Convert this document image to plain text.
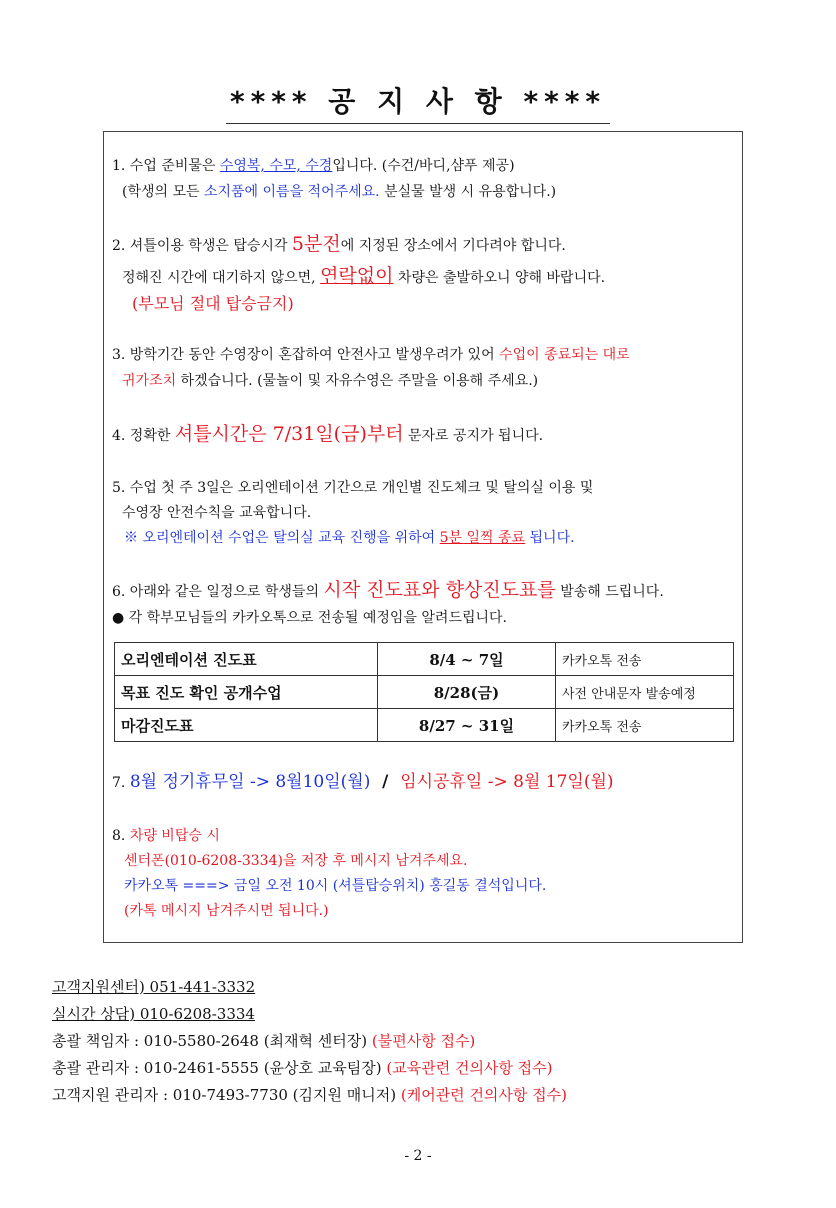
**** 공 지 사 항 ****
1. 수업 준비물은 수영복, 수모, 수경입니다. (수건/바디,샴푸 제공)
(학생의 모든 소지품에 이름을 적어주세요. 분실물 발생 시 유용합니다.)
2. 셔틀이용 학생은 탑승시각 5분전에 지정된 장소에서 기다려야 합니다.
정해진 시간에 대기하지 않으면, 연락없이 차량은 출발하오니 양해 바랍니다.
(부모님 절대 탑승금지)
3. 방학기간 동안 수영장이 혼잡하여 안전사고 발생우려가 있어 수업이 종료되는 대로
귀가조치 하겠습니다. (물놀이 및 자유수영은 주말을 이용해 주세요.)
4. 정확한 셔틀시간은 7/31일(금)부터 문자로 공지가 됩니다.
5. 수업 첫 주 3일은 오리엔테이션 기간으로 개인별 진도체크 및 탈의실 이용 및
수영장 안전수칙을 교육합니다.
※ 오리엔테이션 수업은 탈의실 교육 진행을 위하여 5분 일찍 종료 됩니다.
6. 아래와 같은 일정으로 학생들의 시작 진도표와 향상진도표를 발송해 드립니다.
● 각 학부모님들의 카카오톡으로 전송될 예정임을 알려드립니다.
오리엔테이션 진도표	8/4 ~ 7일	카카오톡 전송
목표 진도 확인 공개수업	8/28(금)	사전 안내문자 발송예정
마감진도표	8/27 ~ 31일	카카오톡 전송
7. 8월 정기휴무일 -> 8월10일(월)  /  임시공휴일 -> 8월 17일(월)
8. 차량 비탑승 시
센터폰(010-6208-3334)을 저장 후 메시지 남겨주세요.
카카오톡 ===> 금일 오전 10시 (셔틀탑승위치) 홍길동 결석입니다.
(카톡 메시지 남겨주시면 됩니다.)
고객지원센터) 051-441-3332
실시간 상담) 010-6208-3334
총괄 책임자 : 010-5580-2648 (최재혁 센터장) (불편사항 접수)
총괄 관리자 : 010-2461-5555 (윤상호 교육팀장) (교육관련 건의사항 접수)
고객지원 관리자 : 010-7493-7730 (김지원 매니저) (케어관련 건의사항 접수)
- 2 -
